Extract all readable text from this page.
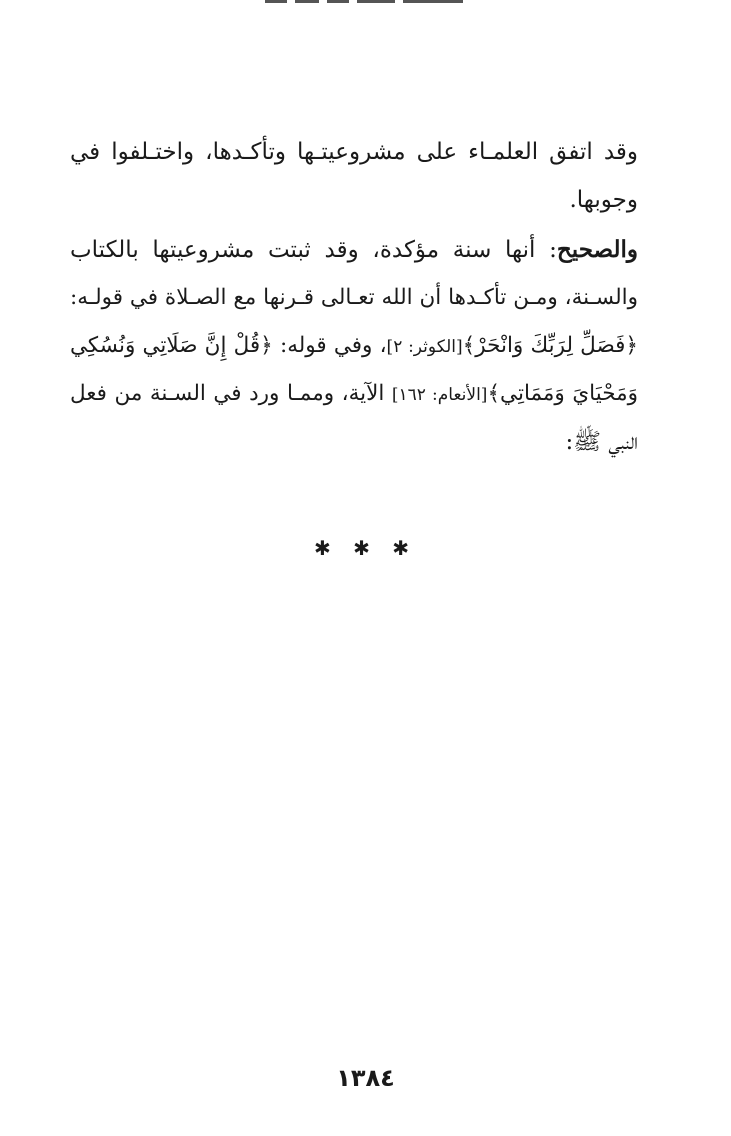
وقد اتفق العلمـاء على مشروعيتـها وتأكـدها، واختـلفوا في
وجوبها.
والصحيح: أنها سنة مؤكدة، وقد ثبتت مشروعيتها بالكتاب
والسـنة، ومـن تأكـدها أن الله تعـالى قـرنها مع الصـلاة في قولـه:
﴿فَصَلِّ لِرَبِّكَ وَانْحَرْ﴾[الكوثر: ٢]، وفي قوله: ﴿قُلْ إِنَّ صَلَاتِي وَنُسُكِي
وَمَحْيَايَ وَمَمَاتِي﴾[الأنعام: ١٦٢] الآية، وممـا ورد في السـنة من فعل
النبي ﷺ:
✱ ✱ ✱
١٣٨٤
